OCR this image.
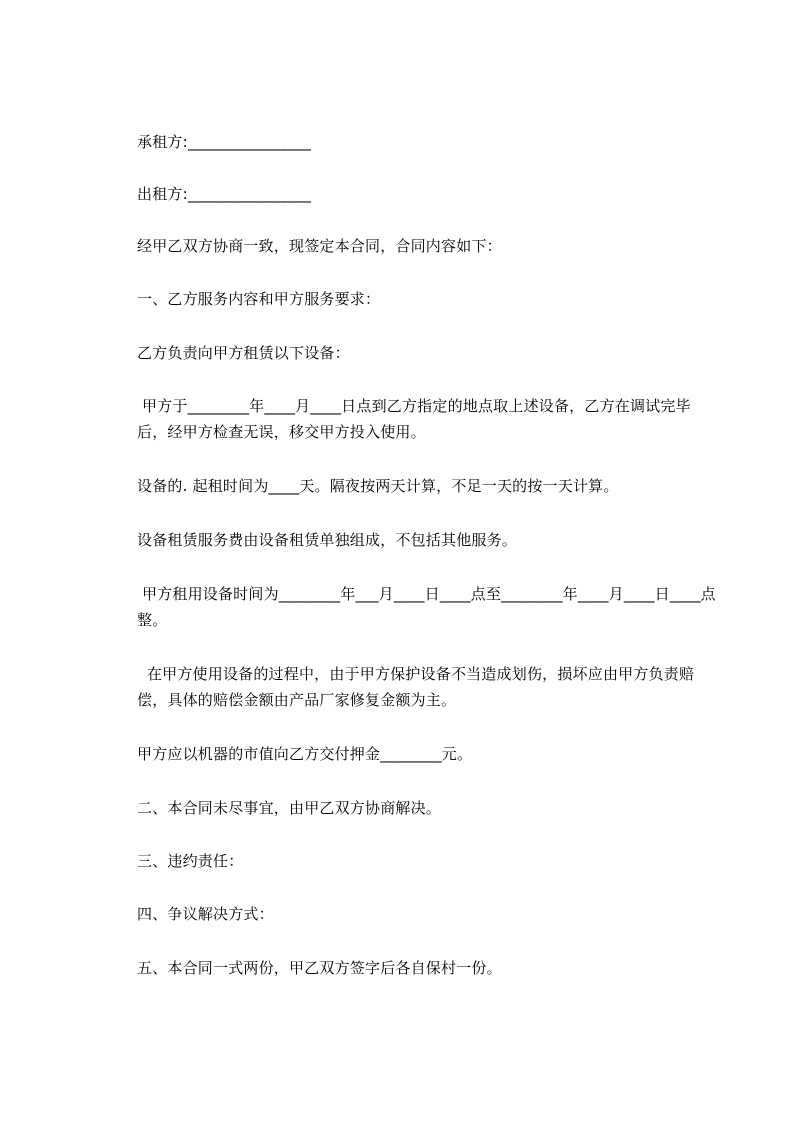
承租方:________________

出租方:________________

经甲乙双方协商一致，现签定本合同，合同内容如下：

一、乙方服务内容和甲方服务要求：

乙方负责向甲方租赁以下设备：

甲方于________年____月____日点到乙方指定的地点取上述设备，乙方在调试完毕后，经甲方检查无误，移交甲方投入使用。

设备的. 起租时间为____天。隔夜按两天计算，不足一天的按一天计算。

设备租赁服务费由设备租赁单独组成，不包括其他服务。

甲方租用设备时间为________年___月____日____点至________年____月____日____点整。

在甲方使用设备的过程中，由于甲方保护设备不当造成划伤，损坏应由甲方负责赔偿，具体的赔偿金额由产品厂家修复金额为主。

甲方应以机器的市值向乙方交付押金________元。

二、本合同未尽事宜，由甲乙双方协商解决。

三、违约责任：

四、争议解决方式：

五、本合同一式两份，甲乙双方签字后各自保村一份。
